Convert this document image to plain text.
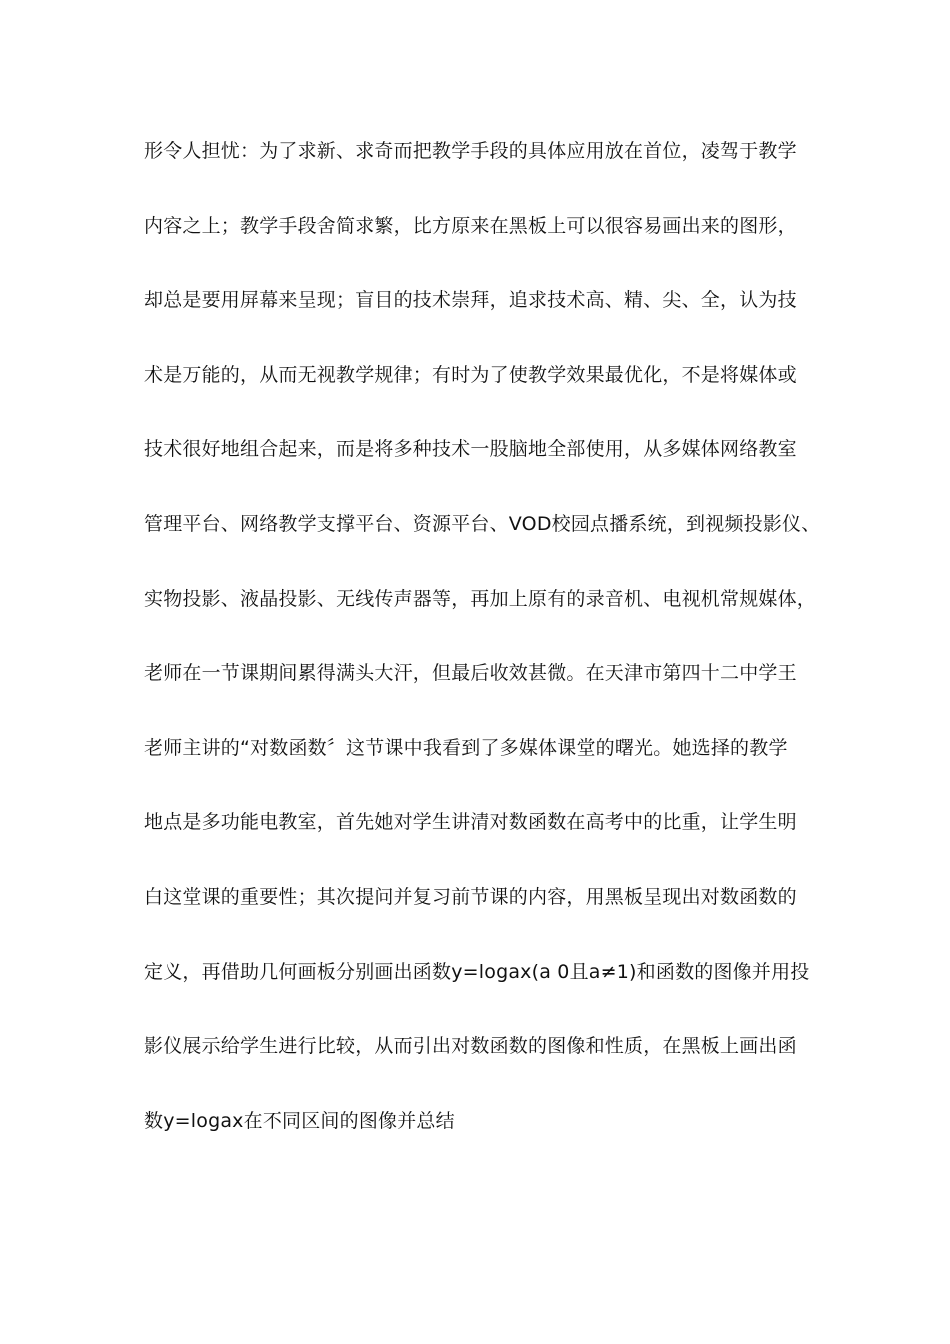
形令人担忧：为了求新、求奇而把教学手段的具体应用放在首位，凌驾于教学
内容之上；教学手段舍简求繁，比方原来在黑板上可以很容易画出来的图形，
却总是要用屏幕来呈现；盲目的技术崇拜，追求技术高、精、尖、全，认为技
术是万能的，从而无视教学规律；有时为了使教学效果最优化，不是将媒体或
技术很好地组合起来，而是将多种技术一股脑地全部使用，从多媒体网络教室
管理平台、网络教学支撑平台、资源平台、VOD校园点播系统，到视频投影仪、
实物投影、液晶投影、无线传声器等，再加上原有的录音机、电视机常规媒体，
老师在一节课期间累得满头大汗，但最后收效甚微。在天津市第四十二中学王
老师主讲的“对数函数〞这节课中我看到了多媒体课堂的曙光。她选择的教学
地点是多功能电教室，首先她对学生讲清对数函数在高考中的比重，让学生明
白这堂课的重要性；其次提问并复习前节课的内容，用黑板呈现出对数函数的
定义，再借助几何画板分别画出函数y=logax(a 0且a≠1)和函数的图像并用投
影仪展示给学生进行比较，从而引出对数函数的图像和性质，在黑板上画出函
数y=logax在不同区间的图像并总结
